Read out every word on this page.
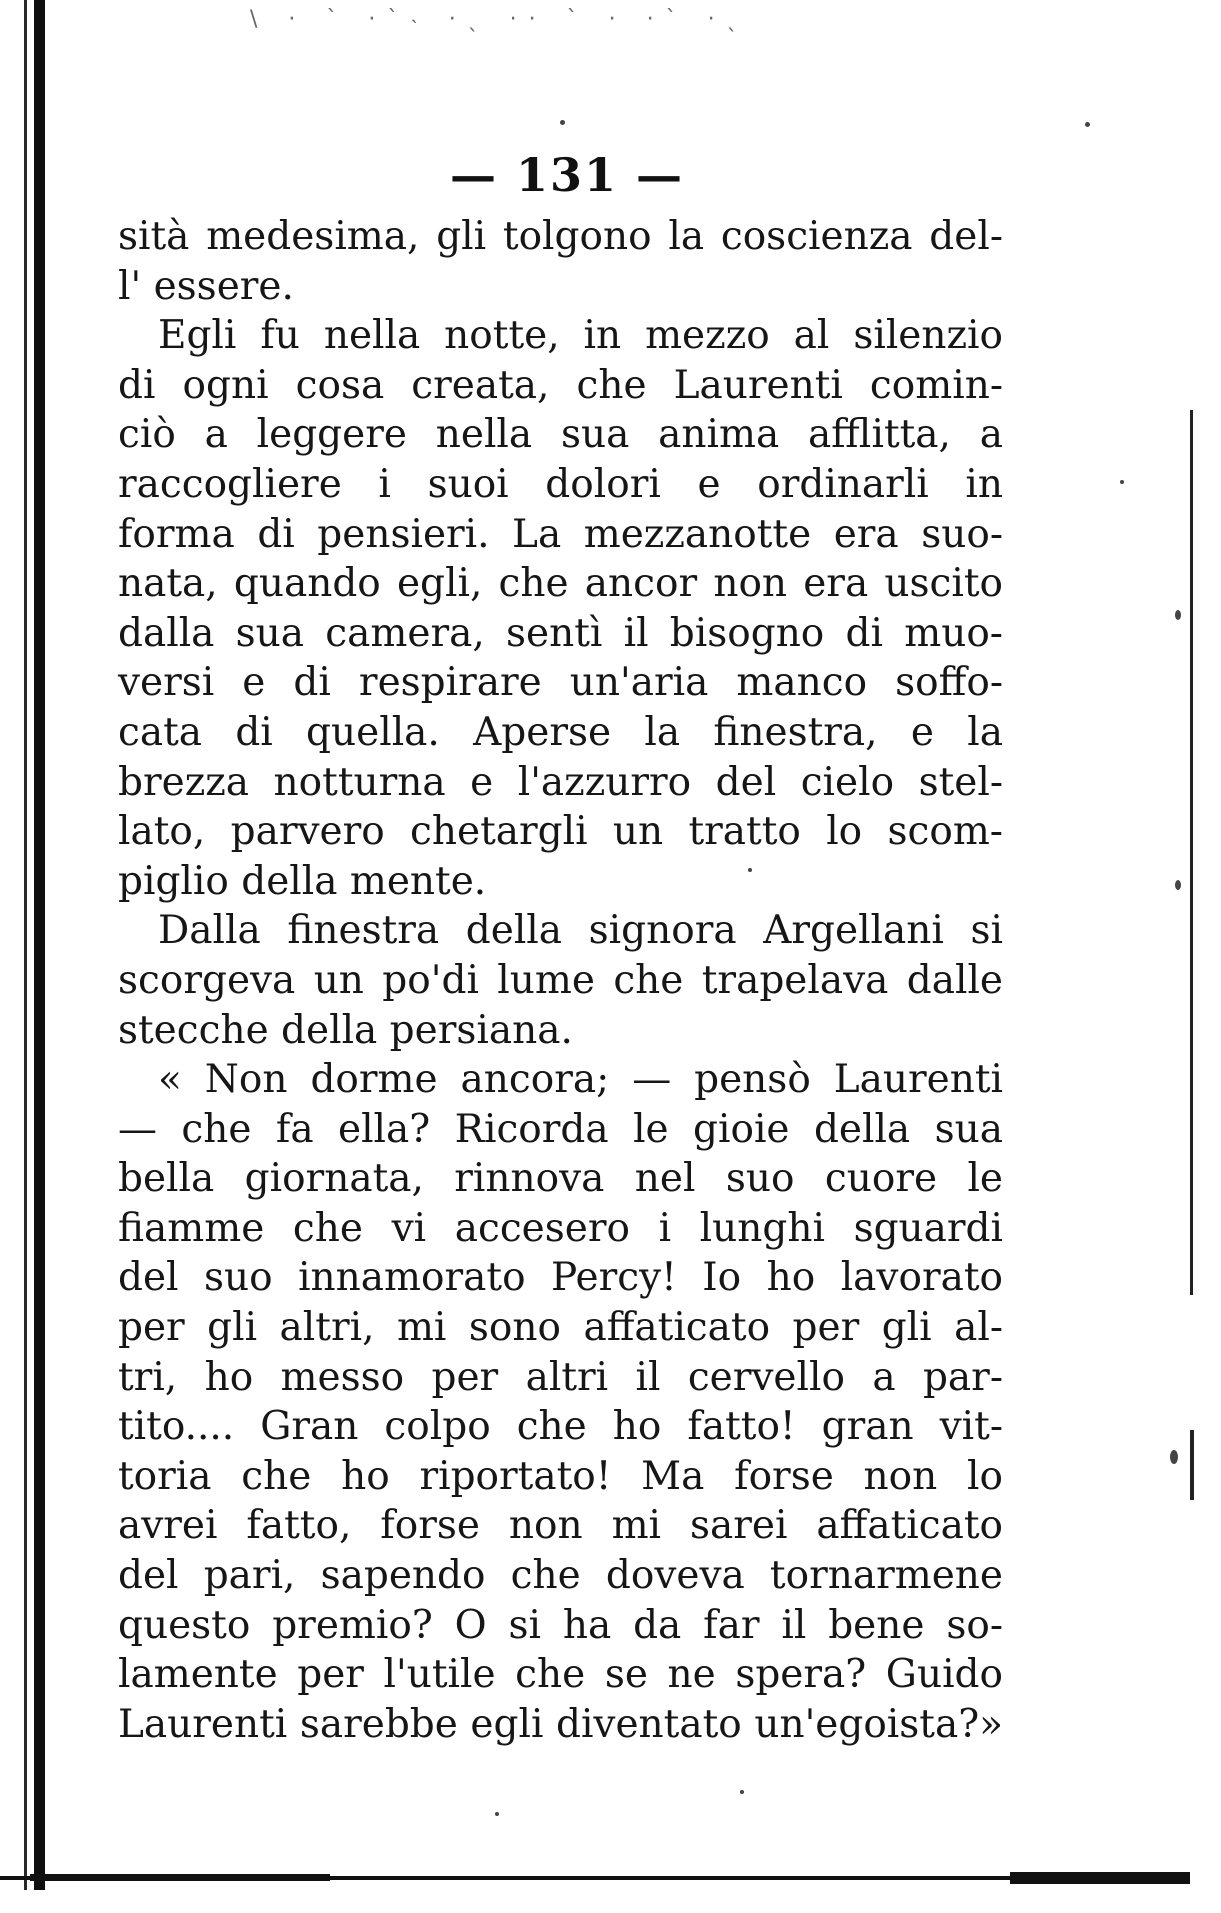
\ · ˋ ·ˋ˴ ·ˎ ·· ˋ · ·ˋ ·ˎ
— 131 —
sità medesima, gli tolgono la coscienza del-
l' essere.
Egli fu nella notte, in mezzo al silenzio
di ogni cosa creata, che Laurenti comin-
ciò a leggere nella sua anima afflitta, a
raccogliere i suoi dolori e ordinarli in
forma di pensieri. La mezzanotte era suo-
nata, quando egli, che ancor non era uscito
dalla sua camera, sentì il bisogno di muo-
versi e di respirare un'aria manco soffo-
cata di quella. Aperse la finestra, e la
brezza notturna e l'azzurro del cielo stel-
lato, parvero chetargli un tratto lo scom-
piglio della mente.
Dalla finestra della signora Argellani si
scorgeva un po'di lume che trapelava dalle
stecche della persiana.
« Non dorme ancora; — pensò Laurenti
— che fa ella? Ricorda le gioie della sua
bella giornata, rinnova nel suo cuore le
fiamme che vi accesero i lunghi sguardi
del suo innamorato Percy! Io ho lavorato
per gli altri, mi sono affaticato per gli al-
tri, ho messo per altri il cervello a par-
tito.... Gran colpo che ho fatto! gran vit-
toria che ho riportato! Ma forse non lo
avrei fatto, forse non mi sarei affaticato
del pari, sapendo che doveva tornarmene
questo premio? O si ha da far il bene so-
lamente per l'utile che se ne spera? Guido
Laurenti sarebbe egli diventato un'egoista?»
